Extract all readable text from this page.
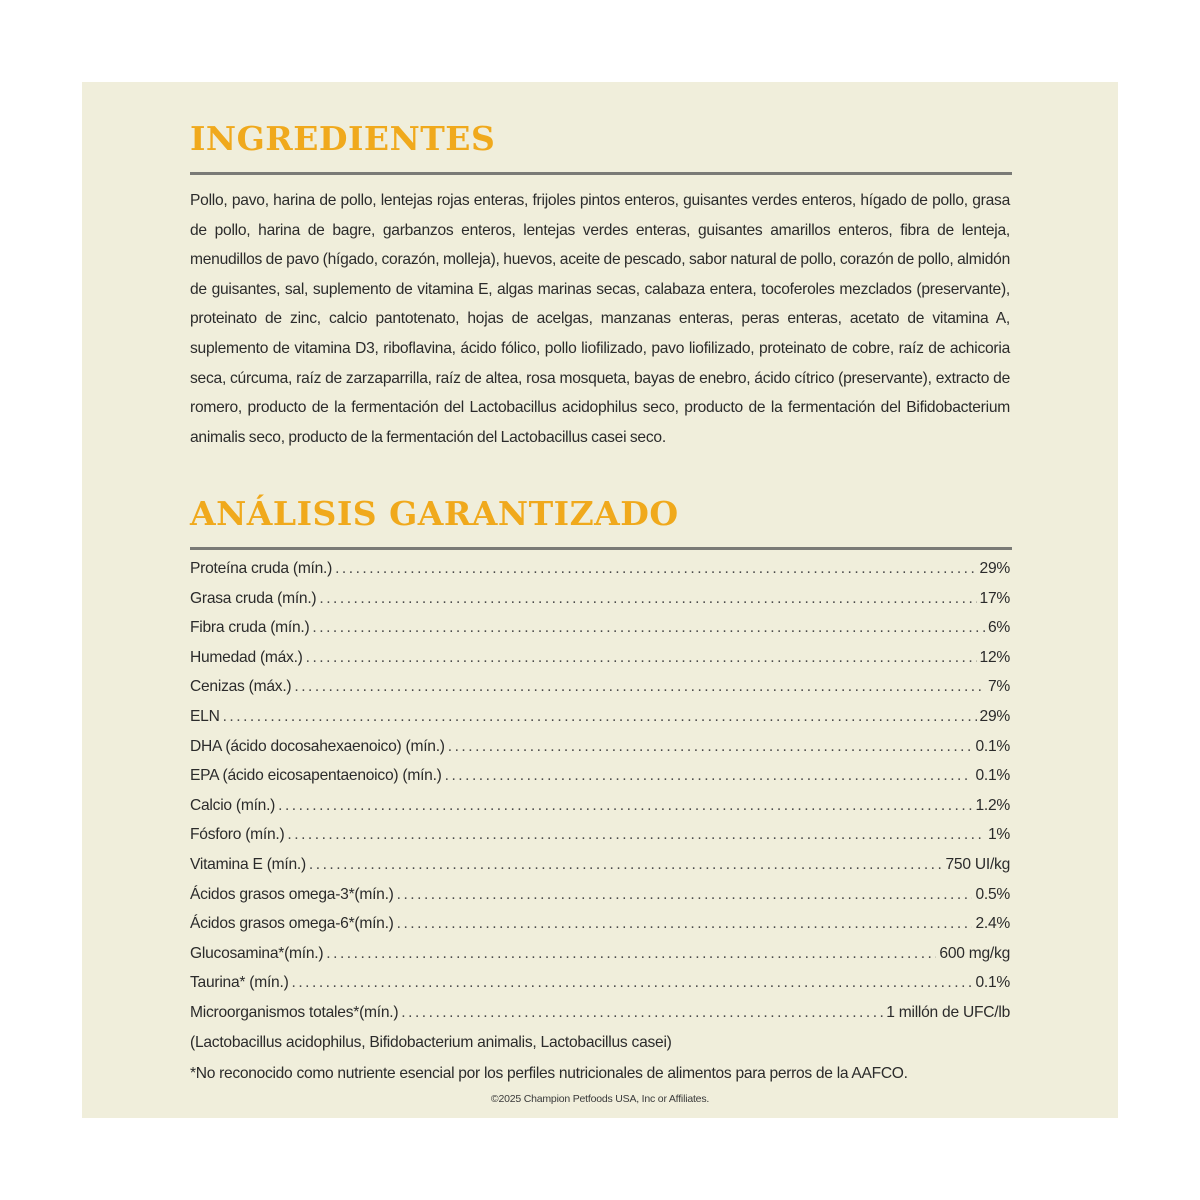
INGREDIENTES

Pollo, pavo, harina de pollo, lentejas rojas enteras, frijoles pintos enteros, guisantes verdes enteros, hígado de pollo, grasa de pollo, harina de bagre, garbanzos enteros, lentejas verdes enteras, guisantes amarillos enteros, fibra de lenteja, menudillos de pavo (hígado, corazón, molleja), huevos, aceite de pescado, sabor natural de pollo, corazón de pollo, almidón de guisantes, sal, suplemento de vitamina E, algas marinas secas, calabaza entera, tocoferoles mezclados (preservante), proteinato de zinc, calcio pantotenato, hojas de acelgas, manzanas enteras, peras enteras, acetato de vitamina A, suplemento de vitamina D3, riboflavina, ácido fólico, pollo liofilizado, pavo liofilizado, proteinato de cobre, raíz de achicoria seca, cúrcuma, raíz de zarzaparrilla, raíz de altea, rosa mosqueta, bayas de enebro, ácido cítrico (preservante), extracto de romero, producto de la fermentación del Lactobacillus acidophilus seco, producto de la fermentación del Bifidobacterium animalis seco, producto de la fermentación del Lactobacillus casei seco.

ANÁLISIS GARANTIZADO
Proteína cruda (mín.) .....	29%
Grasa cruda (mín.) .....	17%
Fibra cruda (mín.) .....	6%
Humedad (máx.) .....	12%
Cenizas (máx.) .....	7%
ELN .....	29%
DHA (ácido docosahexaenoico) (mín.) .....	0.1%
EPA (ácido eicosapentaenoico) (mín.) .....	0.1%
Calcio (mín.) .....	1.2%
Fósforo (mín.) .....	1%
Vitamina E (mín.) .....	750 UI/kg
Ácidos grasos omega-3*(mín.) .....	0.5%
Ácidos grasos omega-6*(mín.) .....	2.4%
Glucosamina*(mín.) .....	600 mg/kg
Taurina* (mín.) .....	0.1%
Microorganismos totales*(mín.) .....	1 millón de UFC/lb
(Lactobacillus acidophilus, Bifidobacterium animalis, Lactobacillus casei)
*No reconocido como nutriente esencial por los perfiles nutricionales de alimentos para perros de la AAFCO.
©2025 Champion Petfoods USA, Inc or Affiliates.
